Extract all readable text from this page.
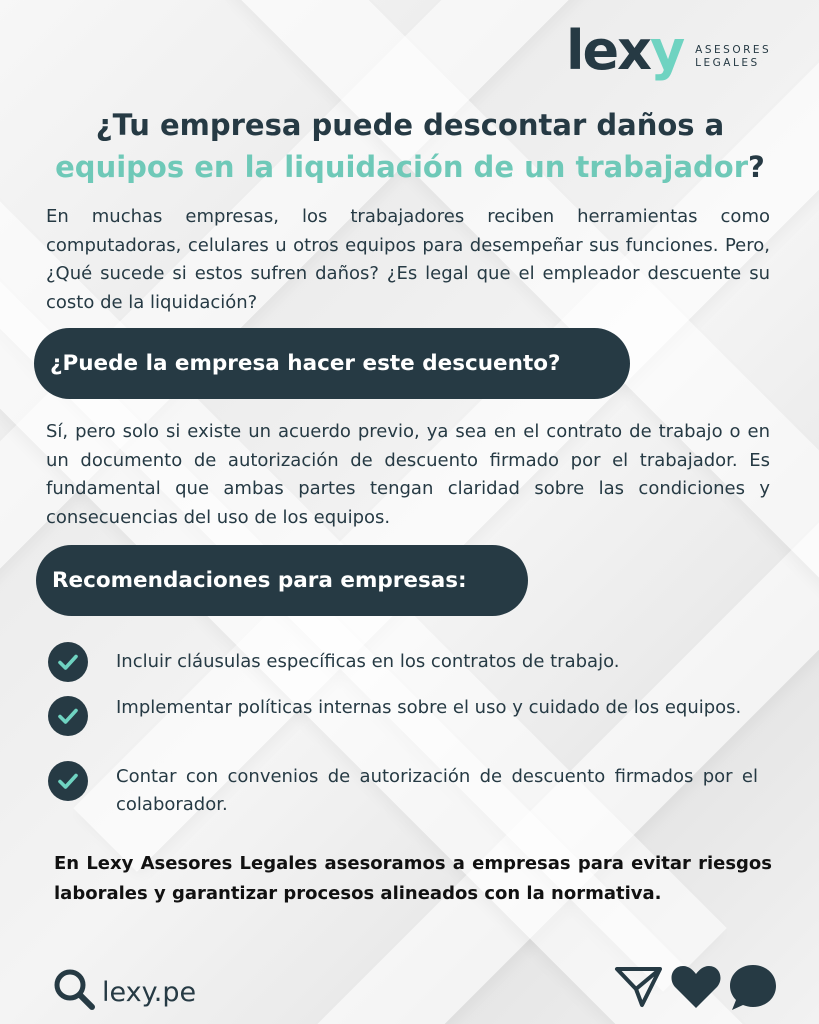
lexy ASESORES
LEGALES
¿Tu empresa puede descontar daños a
equipos en la liquidación de un trabajador?
En muchas empresas, los trabajadores reciben herramientas como computadoras, celulares u otros equipos para desempeñar sus funciones. Pero, ¿Qué sucede si estos sufren daños? ¿Es legal que el empleador descuente su costo de la liquidación?
¿Puede la empresa hacer este descuento?
Sí, pero solo si existe un acuerdo previo, ya sea en el contrato de trabajo o en un documento de autorización de descuento firmado por el trabajador. Es fundamental que ambas partes tengan claridad sobre las condiciones y consecuencias del uso de los equipos.
Recomendaciones para empresas:
Incluir cláusulas específicas en los contratos de trabajo.
Implementar políticas internas sobre el uso y cuidado de los equipos.
Contar con convenios de autorización de descuento firmados por el colaborador.
En Lexy Asesores Legales asesoramos a empresas para evitar riesgos laborales y garantizar procesos alineados con la normativa.
lexy.pe
